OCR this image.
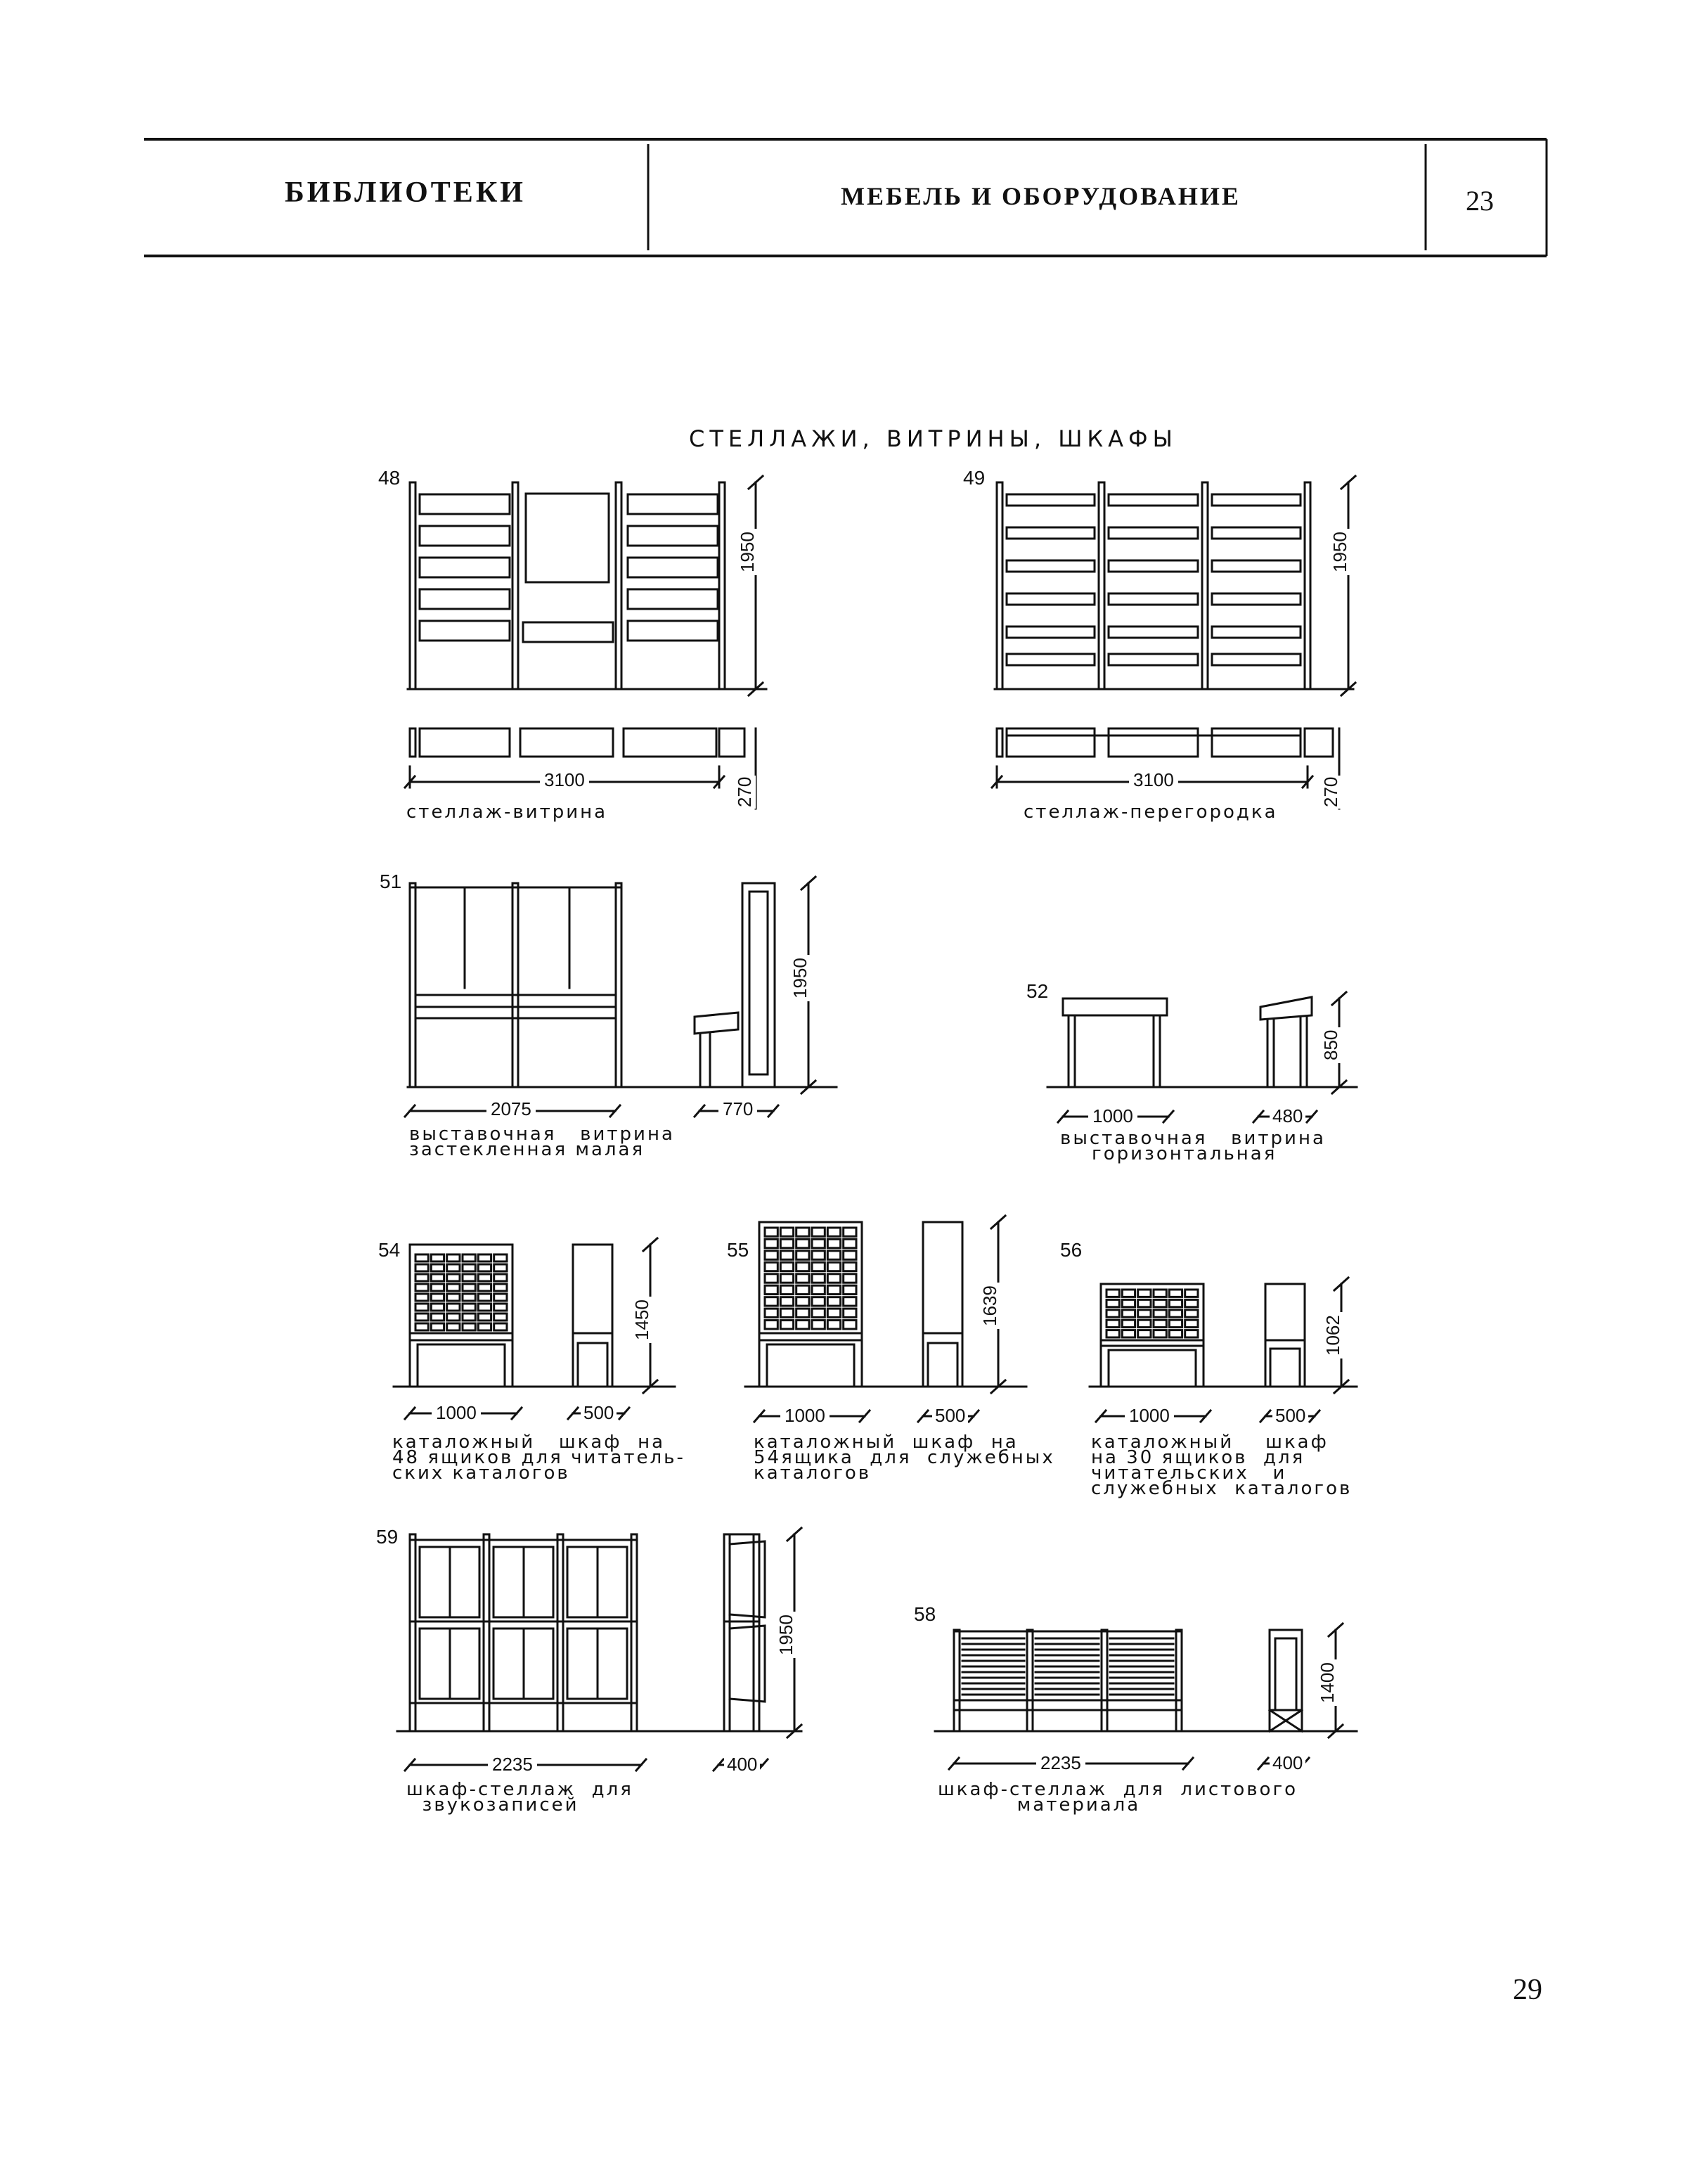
БИБЛИОТЕКИ	МЕБЕЛЬ И ОБОРУДОВАНИЕ	23
СТЕЛЛАЖИ, ВИТРИНЫ, ШКАФЫ
48	49
51
52
54	55	56
59
58
3100	3100
2075	770	1000	480
1000	500	1000	500	1000	500
2235	400	2235	400
1950	1950
270	270
1950
850
1450	1639
1062
1950
1400
стеллаж-витрина	стеллаж-перегородка
выставочная   витрина
застекленная малая
выставочная   витрина
горизонтальная
каталожный   шкаф  на
48 ящиков для читатель-
ских каталогов
каталожный  шкаф  на
54ящика  для  служебных
каталогов
каталожный    шкаф
на 30 ящиков  для
читательских   и
служебных  каталогов
шкаф-стеллаж  для
звукозаписей
шкаф-стеллаж  для  листового
материала
29
